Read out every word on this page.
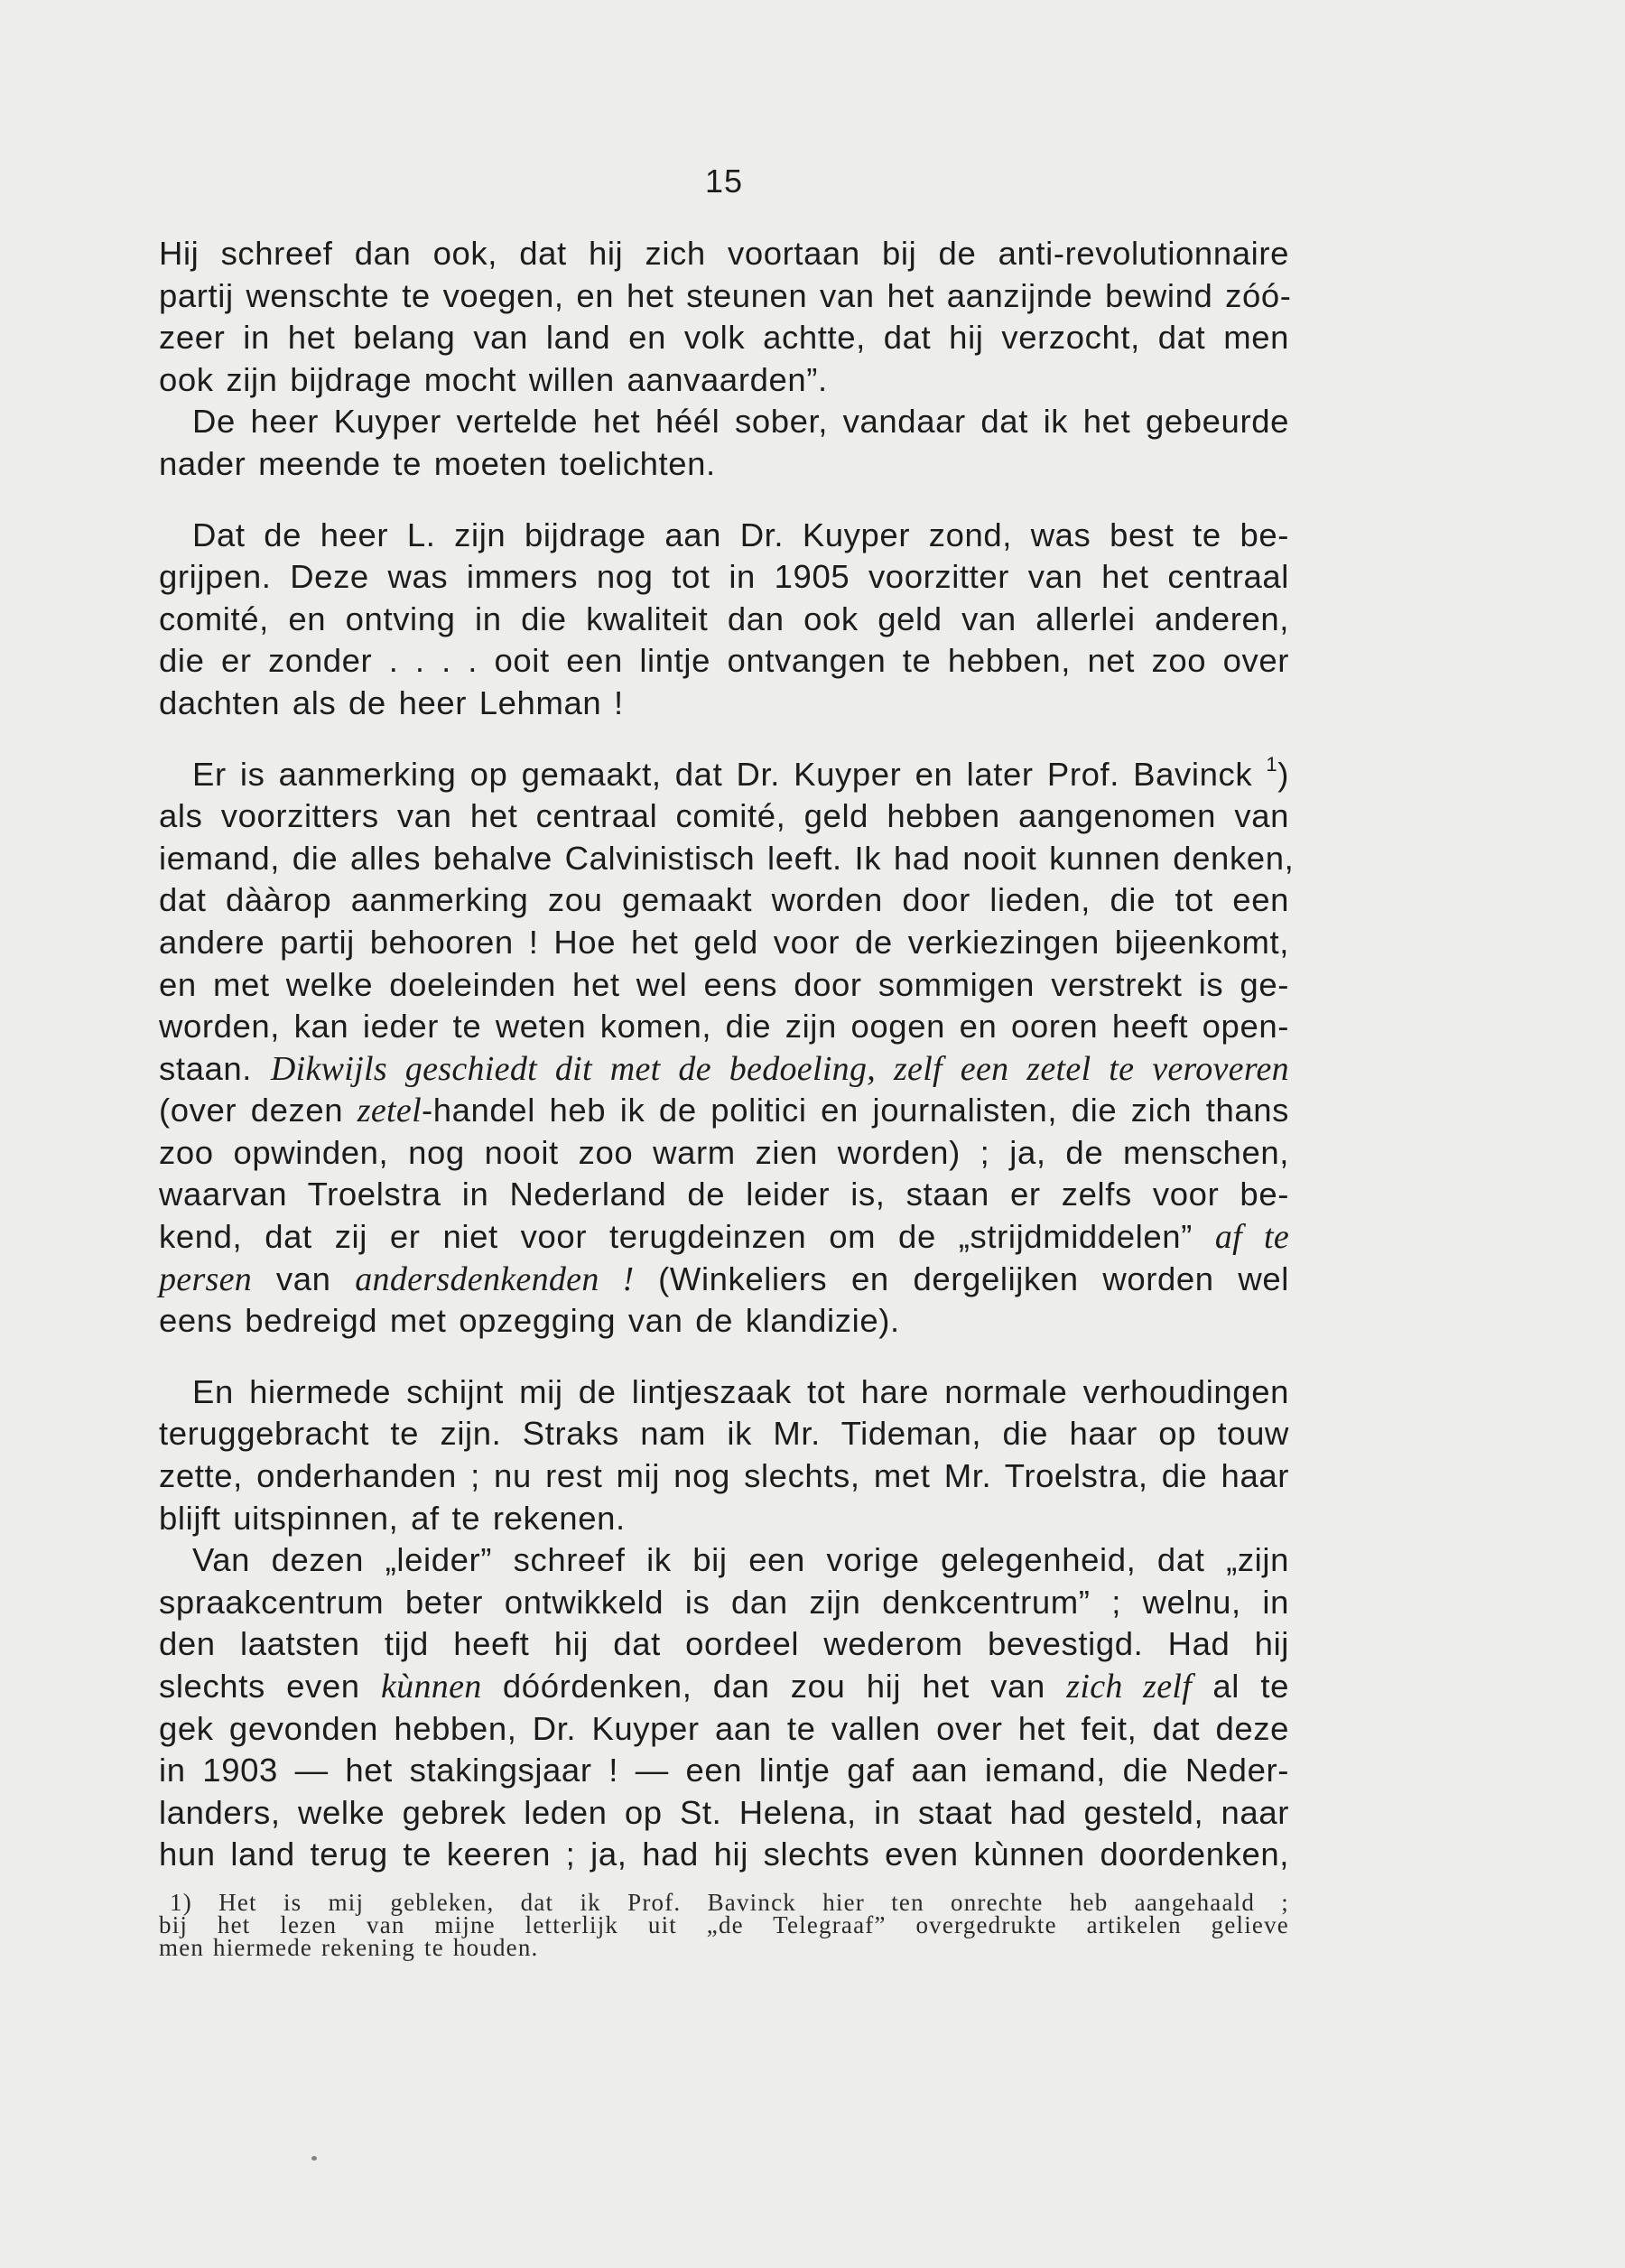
15
Hij schreef dan ook, dat hij zich voortaan bij de anti-revolutionnaire
partij wenschte te voegen, en het steunen van het aanzijnde bewind zóó-
zeer in het belang van land en volk achtte, dat hij verzocht, dat men
ook zijn bijdrage mocht willen aanvaarden”.
De heer Kuyper vertelde het héél sober, vandaar dat ik het gebeurde
nader meende te moeten toelichten.
Dat de heer L. zijn bijdrage aan Dr. Kuyper zond, was best te be-
grijpen. Deze was immers nog tot in 1905 voorzitter van het centraal
comité, en ontving in die kwaliteit dan ook geld van allerlei anderen,
die er zonder . . . . ooit een lintje ontvangen te hebben, net zoo over
dachten als de heer Lehman !
Er is aanmerking op gemaakt, dat Dr. Kuyper en later Prof. Bavinck $^1$)
als voorzitters van het centraal comité, geld hebben aangenomen van
iemand, die alles behalve Calvinistisch leeft. Ik had nooit kunnen denken,
dat dààrop aanmerking zou gemaakt worden door lieden, die tot een
andere partij behooren ! Hoe het geld voor de verkiezingen bijeenkomt,
en met welke doeleinden het wel eens door sommigen verstrekt is ge-
worden, kan ieder te weten komen, die zijn oogen en ooren heeft open-
staan. Dikwijls geschiedt dit met de bedoeling, zelf een zetel te veroveren
(over dezen zetel-handel heb ik de politici en journalisten, die zich thans
zoo opwinden, nog nooit zoo warm zien worden) ; ja, de menschen,
waarvan Troelstra in Nederland de leider is, staan er zelfs voor be-
kend, dat zij er niet voor terugdeinzen om de „strijdmiddelen” af te
persen van andersdenkenden ! (Winkeliers en dergelijken worden wel
eens bedreigd met opzegging van de klandizie).
En hiermede schijnt mij de lintjeszaak tot hare normale verhoudingen
teruggebracht te zijn. Straks nam ik Mr. Tideman, die haar op touw
zette, onderhanden ; nu rest mij nog slechts, met Mr. Troelstra, die haar
blijft uitspinnen, af te rekenen.
Van dezen „leider” schreef ik bij een vorige gelegenheid, dat „zijn
spraakcentrum beter ontwikkeld is dan zijn denkcentrum” ; welnu, in
den laatsten tijd heeft hij dat oordeel wederom bevestigd. Had hij
slechts even kùnnen dóórdenken, dan zou hij het van zich zelf al te
gek gevonden hebben, Dr. Kuyper aan te vallen over het feit, dat deze
in 1903 — het stakingsjaar ! — een lintje gaf aan iemand, die Neder-
landers, welke gebrek leden op St. Helena, in staat had gesteld, naar
hun land terug te keeren ; ja, had hij slechts even kùnnen doordenken,
1) Het is mij gebleken, dat ik Prof. Bavinck hier ten onrechte heb aangehaald ;
bij het lezen van mijne letterlijk uit „de Telegraaf” overgedrukte artikelen gelieve
men hiermede rekening te houden.
